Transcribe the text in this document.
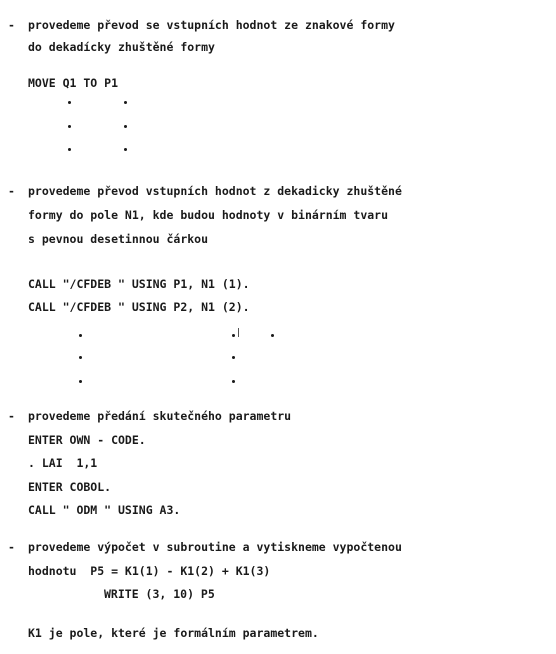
- provedeme převod se vstupních hodnot ze znakové formy
do dekadícky zhuštěné formy
MOVE Q1 TO P1
- provedeme převod vstupních hodnot z dekadicky zhuštěné
formy do pole N1, kde budou hodnoty v binárním tvaru
s pevnou desetinnou čárkou
CALL "/CFDEB " USING P1, N1 (1).
CALL "/CFDEB " USING P2, N1 (2).
- provedeme předání skutečného parametru
ENTER OWN - CODE.
. LAI  1,1
ENTER COBOL.
CALL " ODM " USING A3.
- provedeme výpočet v subroutine a vytiskneme vypočtenou
hodnotu  P5 = K1(1) - K1(2) + K1(3)
WRITE (3, 10) P5
K1 je pole, které je formálním parametrem.
